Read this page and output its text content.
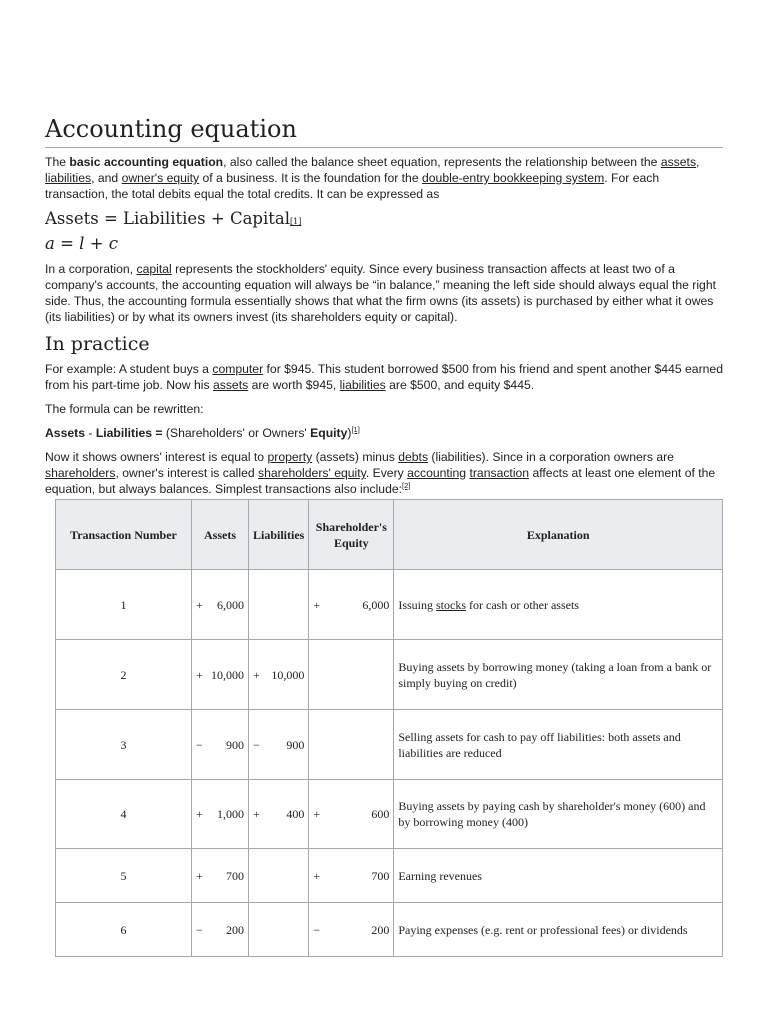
Accounting equation

The basic accounting equation, also called the balance sheet equation, represents the relationship between the assets, liabilities, and owner's equity of a business. It is the foundation for the double-entry bookkeeping system. For each transaction, the total debits equal the total credits. It can be expressed as

Assets = Liabilities + Capital[1]
a = l + c

In a corporation, capital represents the stockholders' equity. Since every business transaction affects at least two of a company's accounts, the accounting equation will always be “in balance,” meaning the left side should always equal the right side. Thus, the accounting formula essentially shows that what the firm owns (its assets) is purchased by either what it owes (its liabilities) or by what its owners invest (its shareholders equity or capital).

In practice

For example: A student buys a computer for $945. This student borrowed $500 from his friend and spent another $445 earned from his part-time job. Now his assets are worth $945, liabilities are $500, and equity $445.

The formula can be rewritten:

Assets - Liabilities = (Shareholders' or Owners' Equity)[1]

Now it shows owners' interest is equal to property (assets) minus debts (liabilities). Since in a corporation owners are shareholders, owner's interest is called shareholders' equity. Every accounting transaction affects at least one element of the equation, but always balances. Simplest transactions also include:[2]

Transaction Number	Assets	Liabilities	Shareholder's Equity	Explanation
1	+ 6,000		+ 6,000	Issuing stocks for cash or other assets
2	+ 10,000	+ 10,000		Buying assets by borrowing money (taking a loan from a bank or simply buying on credit)
3	− 900	− 900		Selling assets for cash to pay off liabilities: both assets and liabilities are reduced
4	+ 1,000	+ 400	+ 600	Buying assets by paying cash by shareholder's money (600) and by borrowing money (400)
5	+ 700		+ 700	Earning revenues
6	− 200		− 200	Paying expenses (e.g. rent or professional fees) or dividends
